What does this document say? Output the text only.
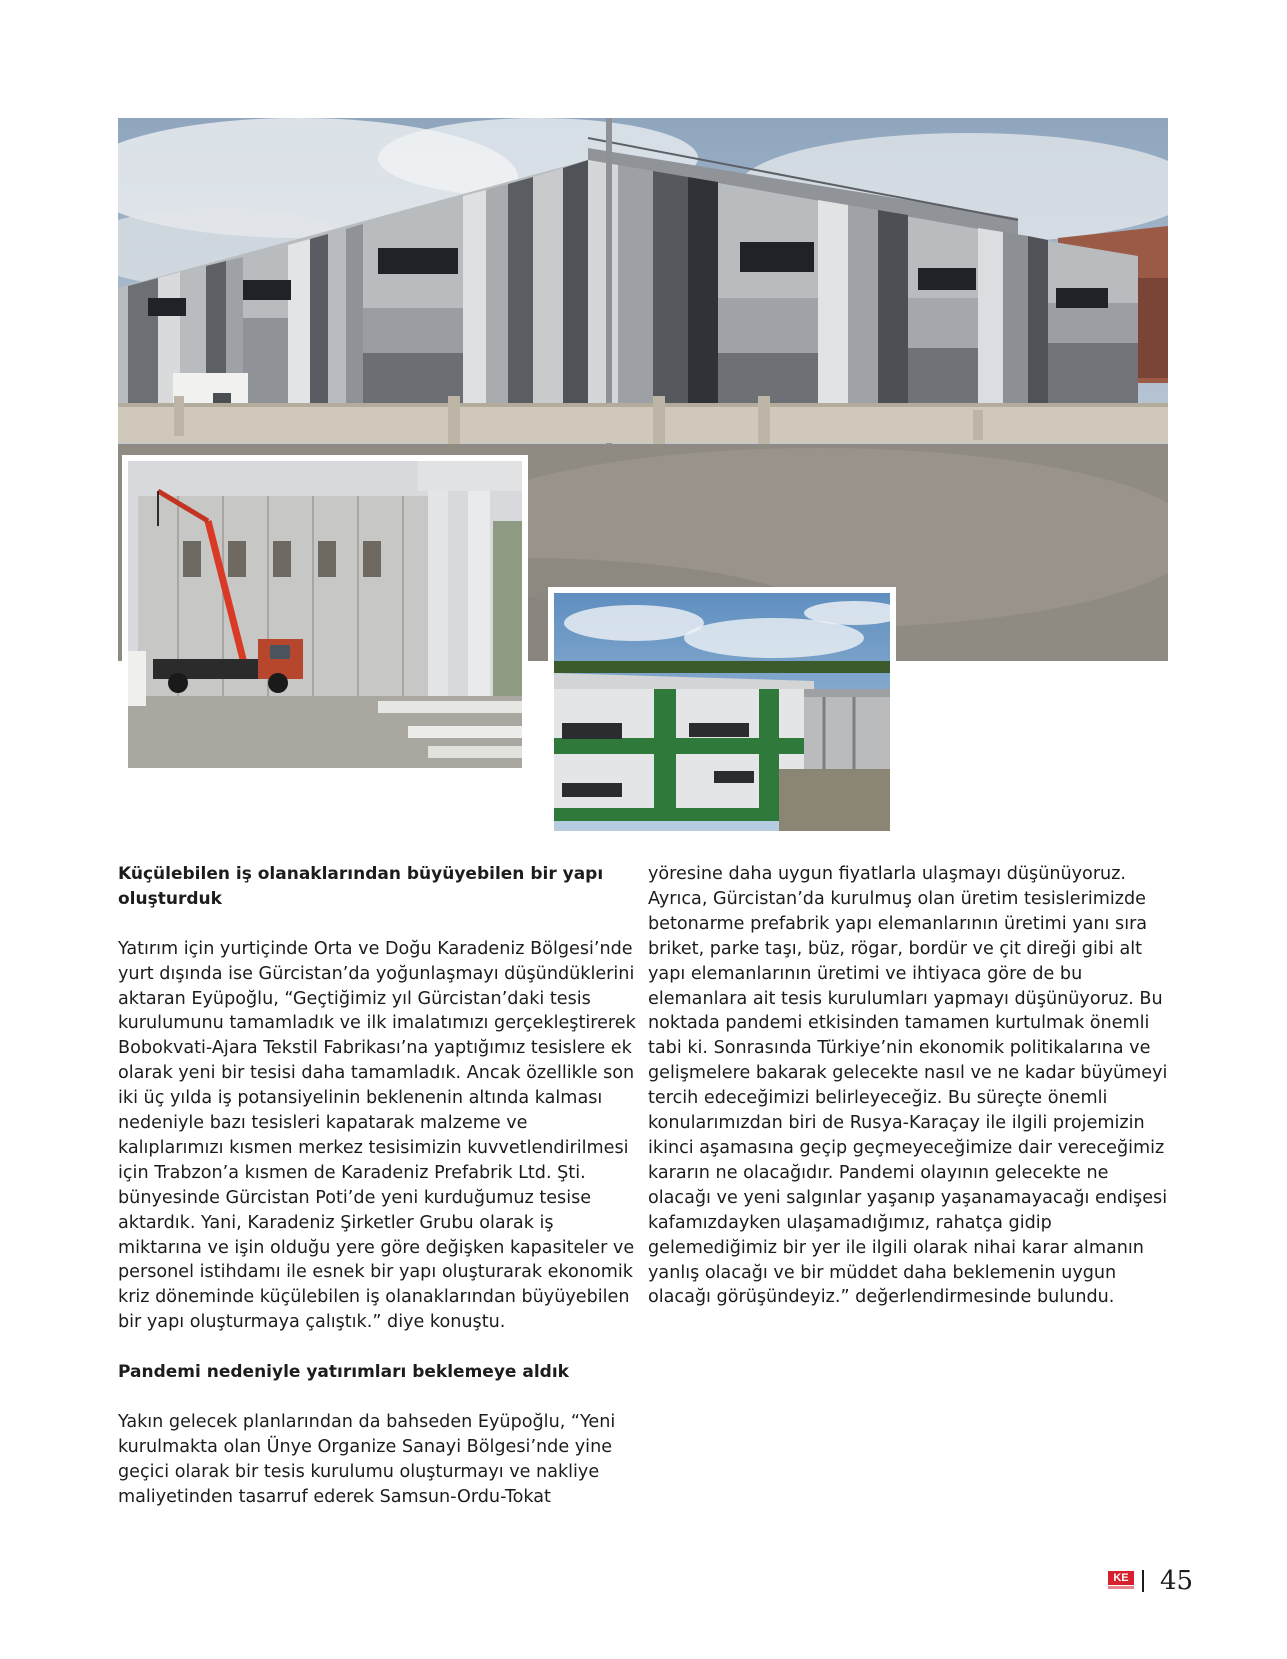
Küçülebilen iş olanaklarından büyüyebilen bir yapı oluşturduk

Yatırım için yurtiçinde Orta ve Doğu Karadeniz Bölgesi’nde yurt dışında ise Gürcistan’da yoğunlaşmayı düşündüklerini aktaran Eyüpoğlu, “Geçtiğimiz yıl Gürcistan’daki tesis kurulumunu tamamladık ve ilk imalatımızı gerçekleştirerek Bobokvati-Ajara Tekstil Fabrikası’na yaptığımız tesislere ek olarak yeni bir tesisi daha tamamladık. Ancak özellikle son iki üç yılda iş potansiyelinin beklenenin altında kalması nedeniyle bazı tesisleri kapatarak malzeme ve kalıplarımızı kısmen merkez tesisimizin kuvvetlendirilmesi için Trabzon’a kısmen de Karadeniz Prefabrik Ltd. Şti. bünyesinde Gürcistan Poti’de yeni kurduğumuz tesise aktardık. Yani, Karadeniz Şirketler Grubu olarak iş miktarına ve işin olduğu yere göre değişken kapasiteler ve personel istihdamı ile esnek bir yapı oluşturarak ekonomik kriz döneminde küçülebilen iş olanaklarından büyüyebilen bir yapı oluşturmaya çalıştık.” diye konuştu.

Pandemi nedeniyle yatırımları beklemeye aldık

Yakın gelecek planlarından da bahseden Eyüpoğlu, “Yeni kurulmakta olan Ünye Organize Sanayi Bölgesi’nde yine geçici olarak bir tesis kurulumu oluşturmayı ve nakliye maliyetinden tasarruf ederek Samsun-Ordu-Tokat

yöresine daha uygun fiyatlarla ulaşmayı düşünüyoruz. Ayrıca, Gürcistan’da kurulmuş olan üretim tesislerimizde betonarme prefabrik yapı elemanlarının üretimi yanı sıra briket, parke taşı, büz, rögar, bordür ve çit direği gibi alt yapı elemanlarının üretimi ve ihtiyaca göre de bu elemanlara ait tesis kurulumları yapmayı düşünüyoruz. Bu noktada pandemi etkisinden tamamen kurtulmak önemli tabi ki. Sonrasında Türkiye’nin ekonomik politikalarına ve gelişmelere bakarak gelecekte nasıl ve ne kadar büyümeyi tercih edeceğimizi belirleyeceğiz. Bu süreçte önemli konularımızdan biri de Rusya-Karaçay ile ilgili projemizin ikinci aşamasına geçip geçmeyeceğimize dair vereceğimiz kararın ne olacağıdır. Pandemi olayının gelecekte ne olacağı ve yeni salgınlar yaşanıp yaşanamayacağı endişesi kafamızdayken ulaşamadığımız, rahatça gidip gelemediğimiz bir yer ile ilgili olarak nihai karar almanın yanlış olacağı ve bir müddet daha beklemenin uygun olacağı görüşündeyiz.” değerlendirmesinde bulundu.

KE 45
